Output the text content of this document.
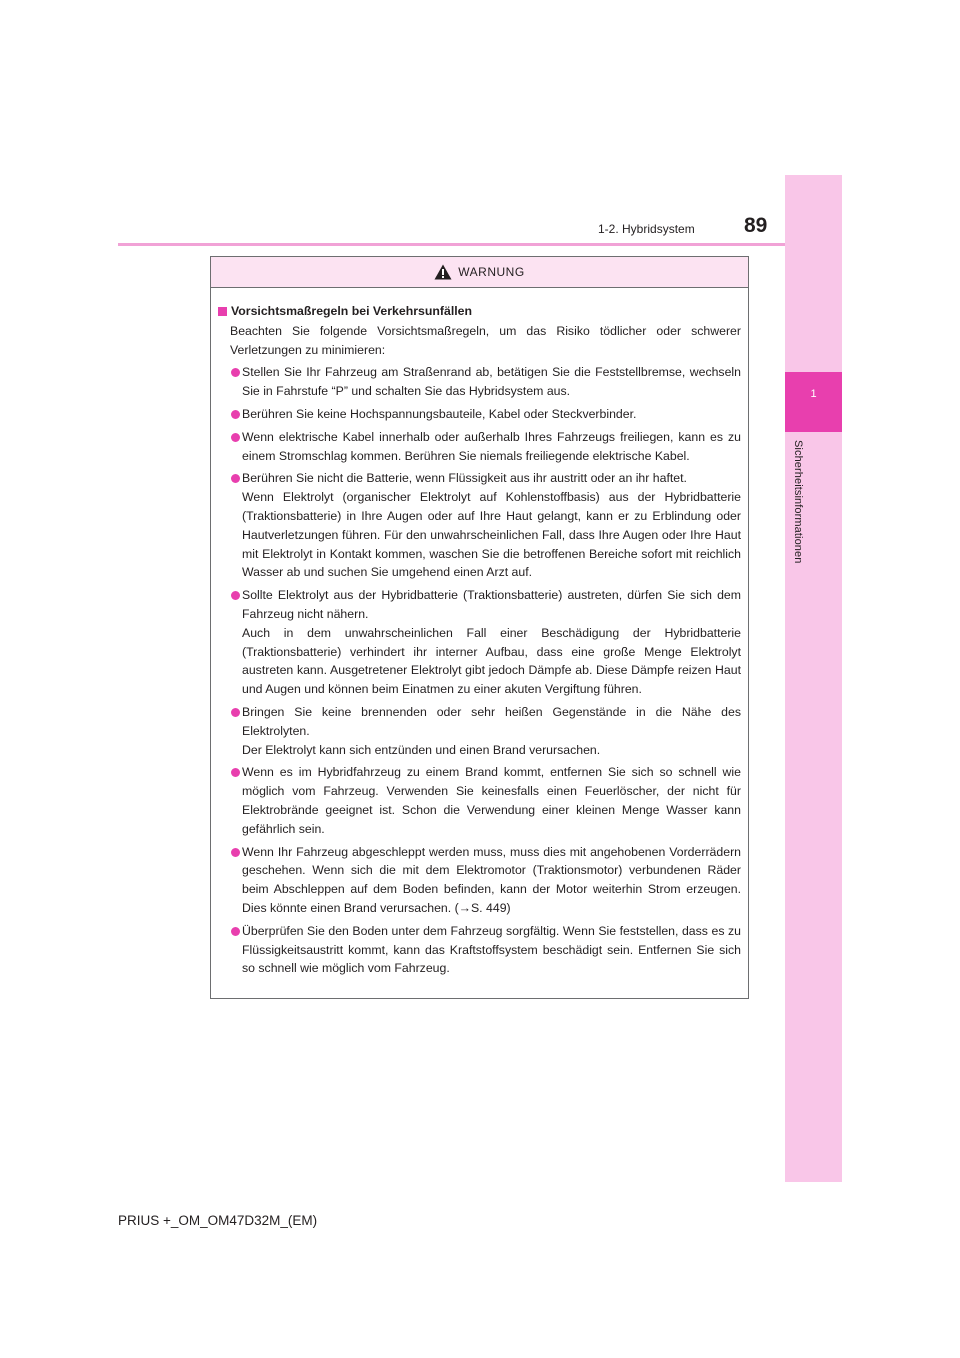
1
Sicherheitsinformationen
1-2. Hybridsystem 89
WARNUNG
Vorsichtsmaßregeln bei Verkehrsunfällen
Beachten Sie folgende Vorsichtsmaßregeln, um das Risiko tödlicher oder schwerer Verletzungen zu minimieren:
Stellen Sie Ihr Fahrzeug am Straßenrand ab, betätigen Sie die Feststellbremse, wechseln Sie in Fahrstufe “P” und schalten Sie das Hybridsystem aus.
Berühren Sie keine Hochspannungsbauteile, Kabel oder Steckverbinder.
Wenn elektrische Kabel innerhalb oder außerhalb Ihres Fahrzeugs freiliegen, kann es zu einem Stromschlag kommen. Berühren Sie niemals freiliegende elektrische Kabel.
Berühren Sie nicht die Batterie, wenn Flüssigkeit aus ihr austritt oder an ihr haftet.
Wenn Elektrolyt (organischer Elektrolyt auf Kohlenstoffbasis) aus der Hybridbatterie (Traktionsbatterie) in Ihre Augen oder auf Ihre Haut gelangt, kann er zu Erblindung oder Hautverletzungen führen. Für den unwahrscheinlichen Fall, dass Ihre Augen oder Ihre Haut mit Elektrolyt in Kontakt kommen, waschen Sie die betroffenen Bereiche sofort mit reichlich Wasser ab und suchen Sie umgehend einen Arzt auf.
Sollte Elektrolyt aus der Hybridbatterie (Traktionsbatterie) austreten, dürfen Sie sich dem Fahrzeug nicht nähern.
Auch in dem unwahrscheinlichen Fall einer Beschädigung der Hybridbatterie (Traktionsbatterie) verhindert ihr interner Aufbau, dass eine große Menge Elektrolyt austreten kann. Ausgetretener Elektrolyt gibt jedoch Dämpfe ab. Diese Dämpfe reizen Haut und Augen und können beim Einatmen zu einer akuten Vergiftung führen.
Bringen Sie keine brennenden oder sehr heißen Gegenstände in die Nähe des Elektrolyten.
Der Elektrolyt kann sich entzünden und einen Brand verursachen.
Wenn es im Hybridfahrzeug zu einem Brand kommt, entfernen Sie sich so schnell wie möglich vom Fahrzeug. Verwenden Sie keinesfalls einen Feuerlöscher, der nicht für Elektrobrände geeignet ist. Schon die Verwendung einer kleinen Menge Wasser kann gefährlich sein.
Wenn Ihr Fahrzeug abgeschleppt werden muss, muss dies mit angehobenen Vorderrädern geschehen. Wenn sich die mit dem Elektromotor (Traktionsmotor) verbundenen Räder beim Abschleppen auf dem Boden befinden, kann der Motor weiterhin Strom erzeugen. Dies könnte einen Brand verursachen. (→S. 449)
Überprüfen Sie den Boden unter dem Fahrzeug sorgfältig. Wenn Sie feststellen, dass es zu Flüssigkeitsaustritt kommt, kann das Kraftstoffsystem beschädigt sein. Entfernen Sie sich so schnell wie möglich vom Fahrzeug.
PRIUS +_OM_OM47D32M_(EM)
